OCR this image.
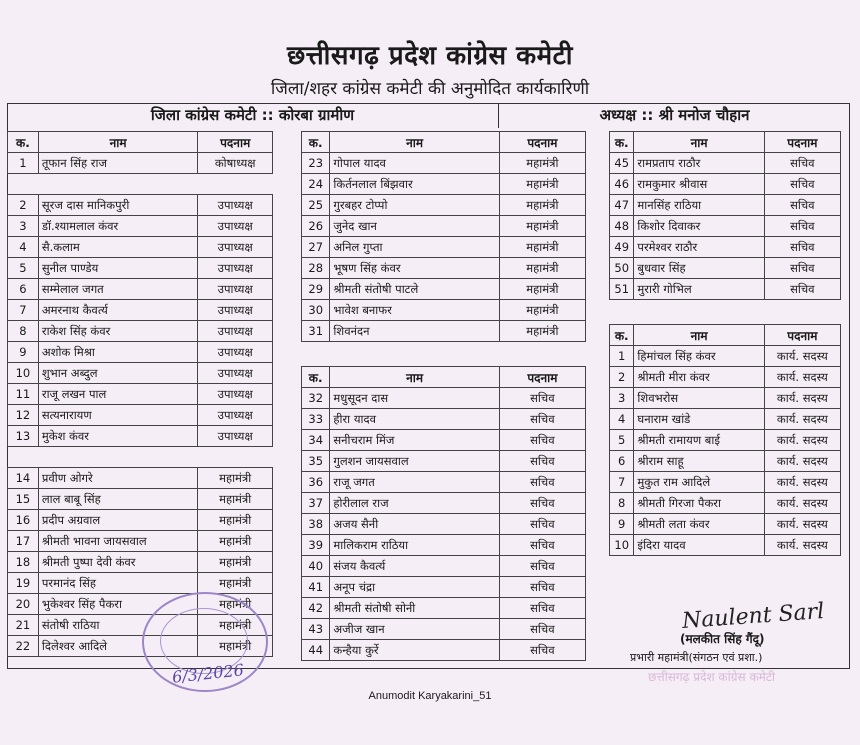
छत्तीसगढ़ प्रदेश कांग्रेस कमेटी
जिला/शहर कांग्रेस कमेटी की अनुमोदित कार्यकारिणी
जिला कांग्रेस कमेटी :: कोरबा ग्रामीण	अध्यक्ष :: श्री मनोज चौहान
क.	नाम	पदनाम
1	तूफान सिंह राज	कोषाध्यक्ष

2	सूरज दास मानिकपुरी	उपाध्यक्ष
3	डॉ.श्यामलाल कंवर	उपाध्यक्ष
4	सै.कलाम	उपाध्यक्ष
5	सुनील पाण्डेय	उपाध्यक्ष
6	सम्मेलाल जगत	उपाध्यक्ष
7	अमरनाथ कैवर्त्य	उपाध्यक्ष
8	राकेश सिंह कंवर	उपाध्यक्ष
9	अशोक मिश्रा	उपाध्यक्ष
10	शुभान अब्दुल	उपाध्यक्ष
11	राजू लखन पाल	उपाध्यक्ष
12	सत्यनारायण	उपाध्यक्ष
13	मुकेश कंवर	उपाध्यक्ष

14	प्रवीण ओगरे	महामंत्री
15	लाल बाबू सिंह	महामंत्री
16	प्रदीप अग्रवाल	महामंत्री
17	श्रीमती भावना जायसवाल	महामंत्री
18	श्रीमती पुष्पा देवी कंवर	महामंत्री
19	परमानंद सिंह	महामंत्री
20	भुकेश्वर सिंह पैकरा	महामंत्री
21	संतोषी राठिया	महामंत्री
22	दिलेश्वर आदिले	महामंत्री
क.	नाम	पदनाम
23	गोपाल यादव	महामंत्री
24	किर्तनलाल बिंझवार	महामंत्री
25	गुरबहर टोप्पो	महामंत्री
26	जुनेद खान	महामंत्री
27	अनिल गुप्ता	महामंत्री
28	भूषण सिंह कंवर	महामंत्री
29	श्रीमती संतोषी पाटले	महामंत्री
30	भावेश बनाफर	महामंत्री
31	शिवनंदन	महामंत्री
क.	नाम	पदनाम
32	मधुसूदन दास	सचिव
33	हीरा यादव	सचिव
34	सनीचराम मिंज	सचिव
35	गुलशन जायसवाल	सचिव
36	राजू जगत	सचिव
37	होरीलाल राज	सचिव
38	अजय सैनी	सचिव
39	मालिकराम राठिया	सचिव
40	संजय कैवर्त्य	सचिव
41	अनूप चंद्रा	सचिव
42	श्रीमती संतोषी सोनी	सचिव
43	अजीज खान	सचिव
44	कन्हैया कुर्रे	सचिव
क.	नाम	पदनाम
45	रामप्रताप राठौर	सचिव
46	रामकुमार श्रीवास	सचिव
47	मानसिंह राठिया	सचिव
48	किशोर दिवाकर	सचिव
49	परमेश्वर राठौर	सचिव
50	बुधवार सिंह	सचिव
51	मुरारी गोभिल	सचिव
क.	नाम	पदनाम
1	हिमांचल सिंह कंवर	कार्य. सदस्य
2	श्रीमती मीरा कंवर	कार्य. सदस्य
3	शिवभरोस	कार्य. सदस्य
4	घनाराम खांडे	कार्य. सदस्य
5	श्रीमती रामायण बाई	कार्य. सदस्य
6	श्रीराम साहू	कार्य. सदस्य
7	मुकुत राम आदिले	कार्य. सदस्य
8	श्रीमती गिरजा पैकरा	कार्य. सदस्य
9	श्रीमती लता कंवर	कार्य. सदस्य
10	इंदिरा यादव	कार्य. सदस्य
6/3/2026
Naulent Sarl
(मलकीत सिंह गैंदू)
प्रभारी महामंत्री(संगठन एवं प्रशा.)
छत्तीसगढ़ प्रदेश कांग्रेस कमेटी
Anumodit Karyakarini_51
